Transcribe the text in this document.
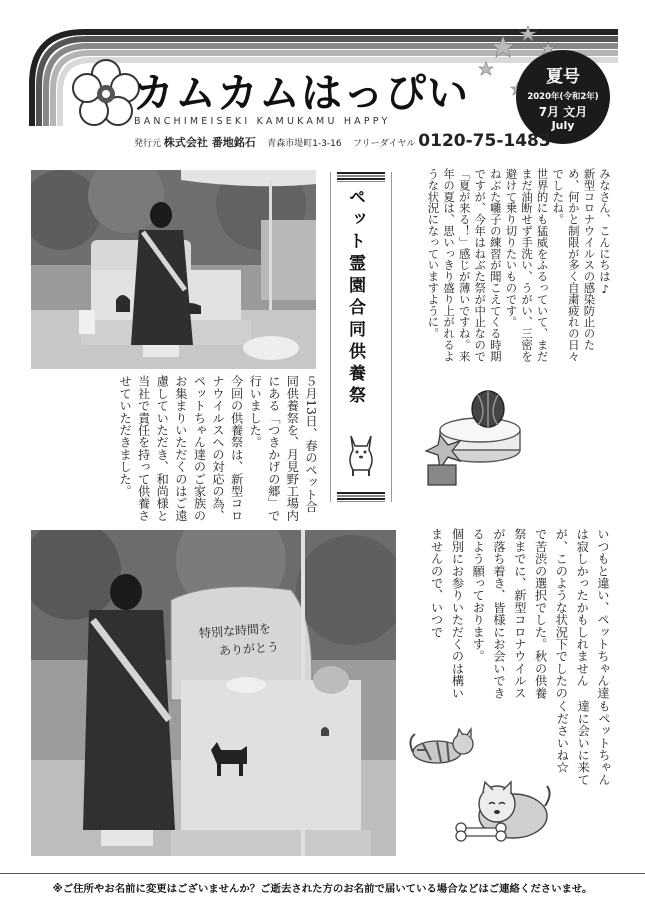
カムカムはっぴい
BANCHIMEISEKI KAMUKAMU HAPPY
夏号
2020年(令和2年)
7月 文月
July
発行元 株式会社 番地銘石 青森市堤町1-3-16 フリーダイヤル 0120-75-1483
みなさん、こんにちは♪
新型コロナウイルスの感染防止のため、何かと制限が多く自粛疲れの日々でしたね。
世界的にも猛威をふるっていて、まだまだ油断せず手洗い、うがい、三密を避けて乗り切りたいものです。
ねぶた囃子の練習が聞こえてくる時期ですが、今年はねぶた祭が中止なので「夏が来る！」感じが薄いですね。来年の夏は、思いっきり盛り上がれるような状況になっていますように。
ペット霊園合同供養祭
５月13日、春のペット合同供養祭を、月見野工場内にある「つきかげの郷」で行いました。
今回の供養祭は、新型コロナウイルスへの対応の為、ペットちゃん達のご家族のお集まりいただくのはご遠慮していただき、和尚様と当社で責任を持って供養させていただきました。
特別な時間を
ありがとう	いつもと違い、ペットちゃん達は寂しかったかもしれませんが、このような状況下でしたので苦渋の選択でした。秋の供養祭までに、新型コロナウイルスが落ち着き、皆様にお会いできるよう願っております。
個別にお参りいただくのは構いませんので、いつで
もペットちゃん達に会いに来てくださいね☆
※ご住所やお名前に変更はございませんか？ご逝去された方のお名前で届いている場合などはご連絡くださいませ。
